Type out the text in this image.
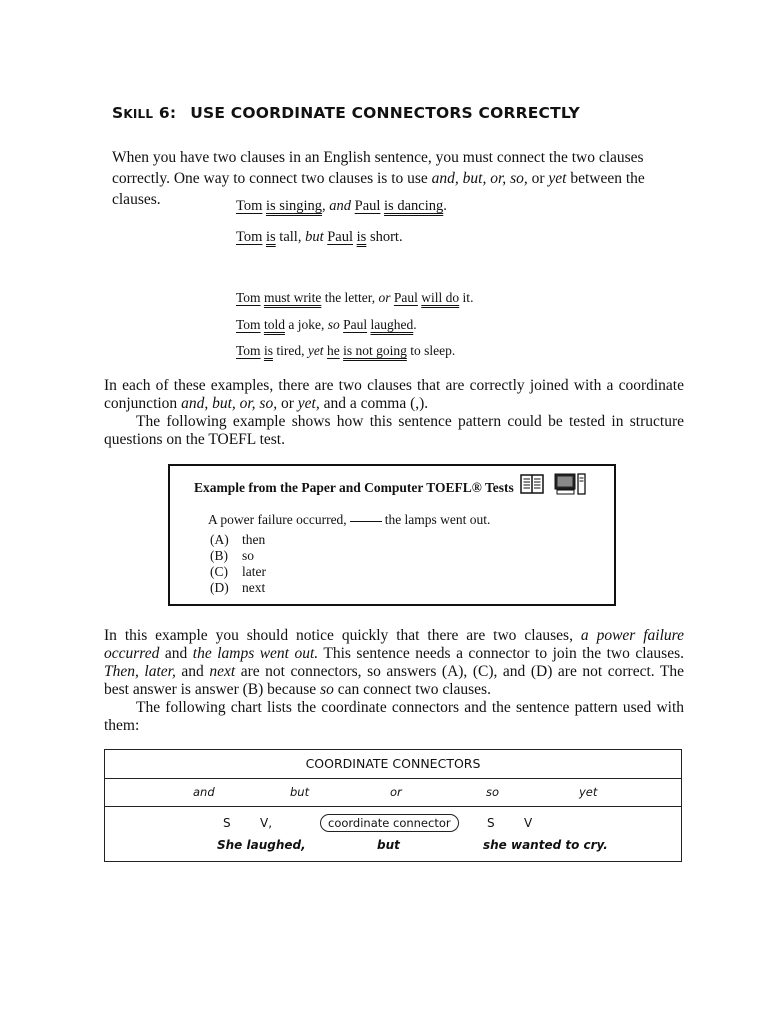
SKILL 6: USE COORDINATE CONNECTORS CORRECTLY
When you have two clauses in an English sentence, you must connect the two clauses correctly. One way to connect two clauses is to use and, but, or, so, or yet between the clauses.	Tom is singing, and Paul is dancing.
Tom is tall, but Paul is short.
Tom must write the letter, or Paul will do it.
Tom told a joke, so Paul laughed.
Tom is tired, yet he is not going to sleep.
In each of these examples, there are two clauses that are correctly joined with a coordinate conjunction and, but, or, so, or yet, and a comma (,).
The following example shows how this sentence pattern could be tested in structure questions on the TOEFL test.
Example from the Paper and Computer TOEFL® Tests
A power failure occurred,	the lamps went out.
(A) then
(B) so
(C) later
(D) next
In this example you should notice quickly that there are two clauses, a power failure occurred and the lamps went out. This sentence needs a connector to join the two clauses. Then, later, and next are not connectors, so answers (A), (C), and (D) are not correct. The best answer is answer (B) because so can connect two clauses.
The following chart lists the coordinate connectors and the sentence pattern used with them:
COORDINATE CONNECTORS
and	but	or	so	yet
S V,	coordinate connector	S V
She laughed,	but	she wanted to cry.
